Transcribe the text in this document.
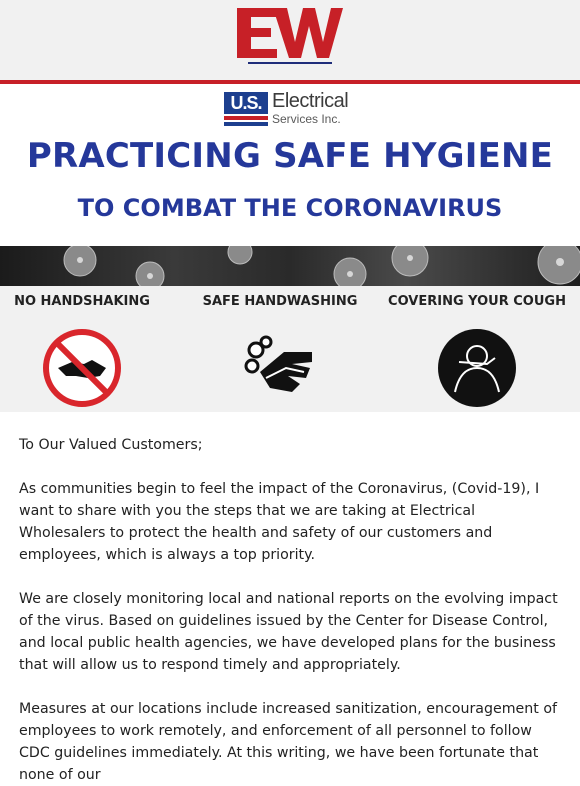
U.S. Electrical
Services Inc.
PRACTICING SAFE HYGIENE
TO COMBAT THE CORONAVIRUS
NO HANDSHAKING	SAFE HANDWASHING	COVERING YOUR COUGH

To Our Valued Customers;

As communities begin to feel the impact of the Coronavirus, (Covid-19), I want to share with you the steps that we are taking at Electrical Wholesalers to protect the health and safety of our customers and employees, which is always a top priority.

We are closely monitoring local and national reports on the evolving impact of the virus. Based on guidelines issued by the Center for Disease Control, and local public health agencies, we have developed plans for the business that will allow us to respond timely and appropriately.

Measures at our locations include increased sanitization, encouragement of employees to work remotely, and enforcement of all personnel to follow CDC guidelines immediately. At this writing, we have been fortunate that none of our
